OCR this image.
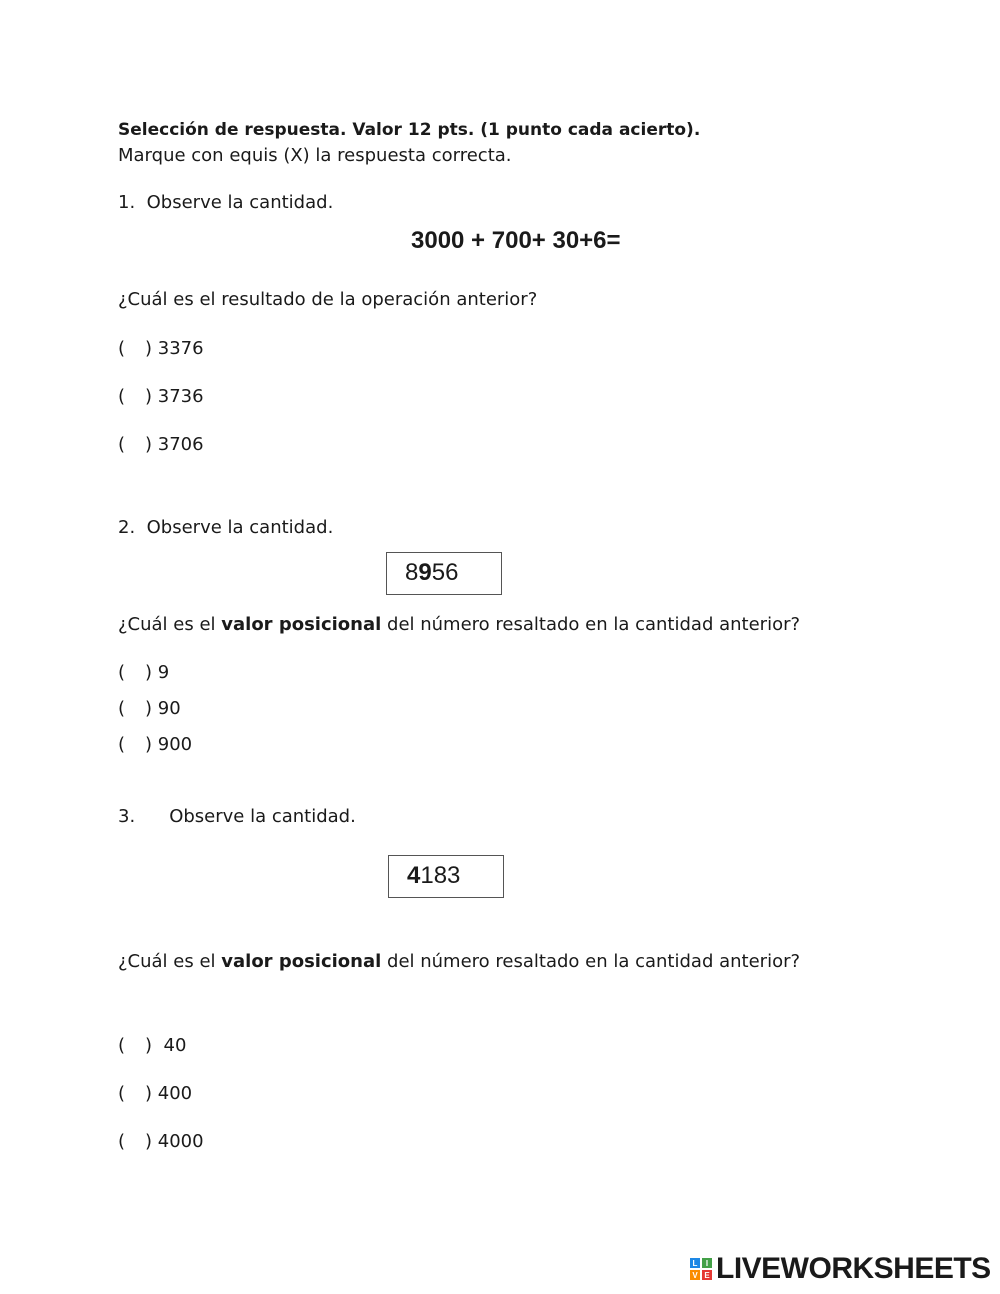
Selección de respuesta. Valor 12 pts. (1 punto cada acierto).
Marque con equis (X) la respuesta correcta.
1. Observe la cantidad.
3000 + 700+ 30+6=
¿Cuál es el resultado de la operación anterior?
( ) 3376
( ) 3736
( ) 3706
2. Observe la cantidad.
8956
¿Cuál es el valor posicional del número resaltado en la cantidad anterior?
( ) 9
( ) 90
( ) 900
3. Observe la cantidad.
4183
¿Cuál es el valor posicional del número resaltado en la cantidad anterior?
( )  40
( ) 400
( ) 4000
L	I
V E LIVEWORKSHEETS
